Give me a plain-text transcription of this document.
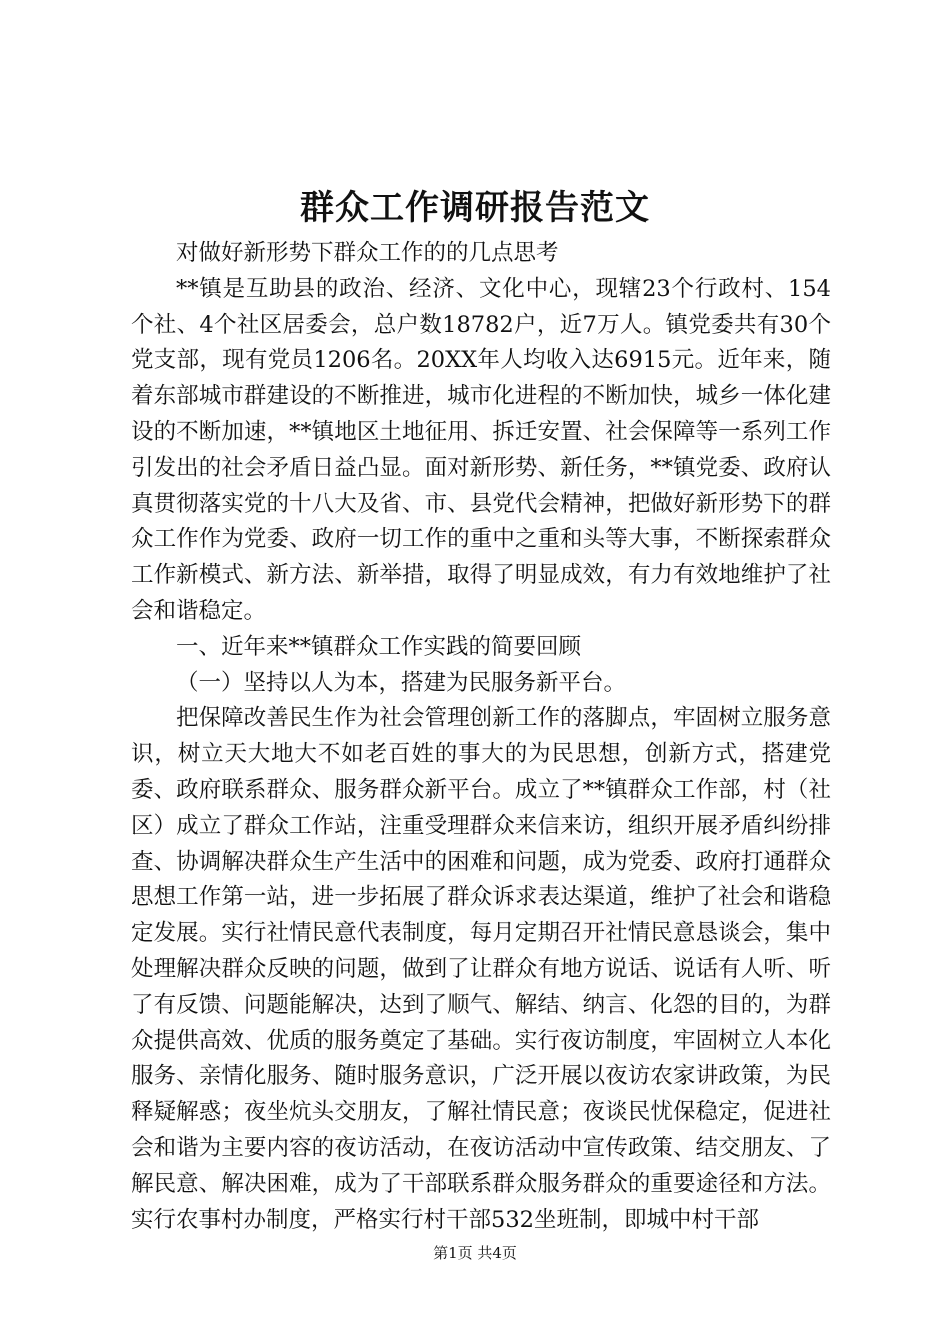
群众工作调研报告范文

对做好新形势下群众工作的的几点思考

**镇是互助县的政治、经济、文化中心，现辖23个行政村、154个社、4个社区居委会，总户数18782户，近7万人。镇党委共有30个党支部，现有党员1206名。20XX年人均收入达6915元。近年来，随着东部城市群建设的不断推进，城市化进程的不断加快，城乡一体化建设的不断加速，**镇地区土地征用、拆迁安置、社会保障等一系列工作引发出的社会矛盾日益凸显。面对新形势、新任务，**镇党委、政府认真贯彻落实党的十八大及省、市、县党代会精神，把做好新形势下的群众工作作为党委、政府一切工作的重中之重和头等大事，不断探索群众工作新模式、新方法、新举措，取得了明显成效，有力有效地维护了社会和谐稳定。

一、近年来**镇群众工作实践的简要回顾

（一）坚持以人为本，搭建为民服务新平台。

把保障改善民生作为社会管理创新工作的落脚点，牢固树立服务意识，树立天大地大不如老百姓的事大的为民思想，创新方式，搭建党委、政府联系群众、服务群众新平台。成立了**镇群众工作部，村（社区）成立了群众工作站，注重受理群众来信来访，组织开展矛盾纠纷排查、协调解决群众生产生活中的困难和问题，成为党委、政府打通群众思想工作第一站，进一步拓展了群众诉求表达渠道，维护了社会和谐稳定发展。实行社情民意代表制度，每月定期召开社情民意恳谈会，集中处理解决群众反映的问题，做到了让群众有地方说话、说话有人听、听了有反馈、问题能解决，达到了顺气、解结、纳言、化怨的目的，为群众提供高效、优质的服务奠定了基础。实行夜访制度，牢固树立人本化服务、亲情化服务、随时服务意识，广泛开展以夜访农家讲政策，为民释疑解惑；夜坐炕头交朋友，了解社情民意；夜谈民忧保稳定，促进社会和谐为主要内容的夜访活动，在夜访活动中宣传政策、结交朋友、了解民意、解决困难，成为了干部联系群众服务群众的重要途径和方法。实行农事村办制度，严格实行村干部532坐班制，即城中村干部

第1页 共4页
